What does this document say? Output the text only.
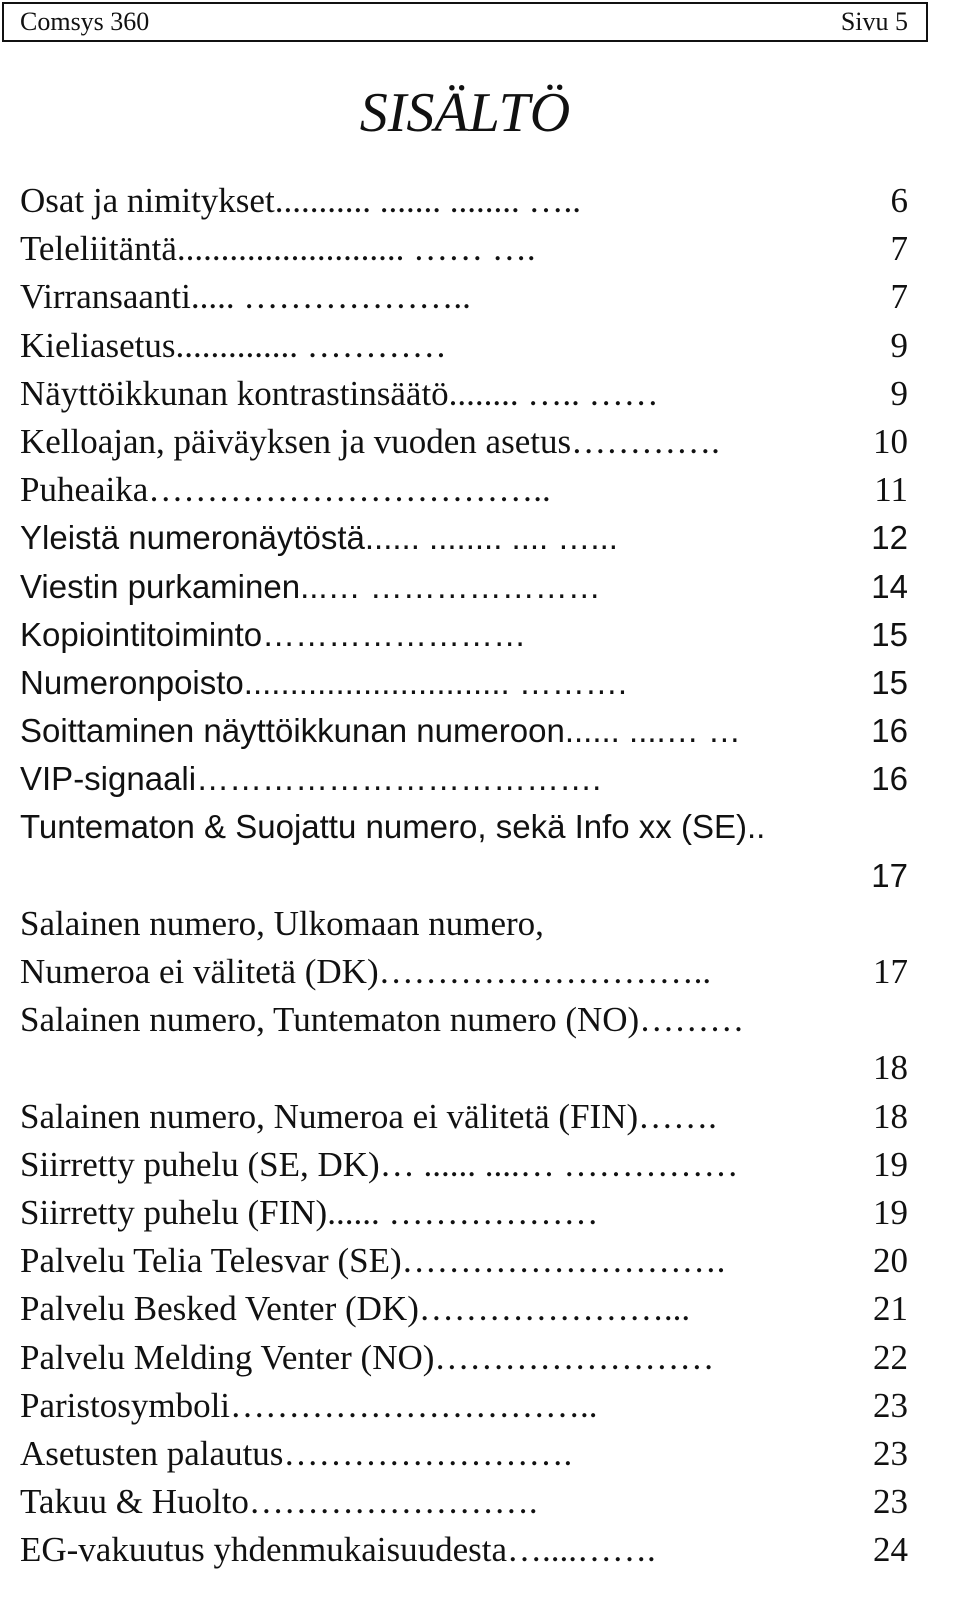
Comsys 360	Sivu 5
SISÄLTÖ
Osat ja nimitykset ........... ....... ........ …..	6
Teleliitäntä .......................... …… ….	7
Virransaanti ..... ………………..	7
Kieliasetus .............. …………	9
Näyttöikkunan kontrastinsäätö ........ ….. ……	9
Kelloajan, päiväyksen ja vuoden asetus ………….	10
Puheaika ……………………………..	11
Yleistä numeronäytöstä ...... ........ .... …...	12
Viestin purkaminen ...… …………………	14
Kopiointitoiminto ……………………	15
Numeronpoisto ............................. ……….	15
Soittaminen näyttöikkunan numeroon ...... ....… …	16
VIP-signaali ……………………………….	16
Tuntematon & Suojattu numero, sekä Info xx (SE)..
17
Salainen numero, Ulkomaan numero,
Numeroa ei välitetä (DK) ………………………..	17
Salainen numero, Tuntematon numero (NO) ………
18
Salainen numero, Numeroa ei välitetä (FIN) …….	18
Siirretty puhelu (SE, DK) … ...... ....… ……………	19
Siirretty puhelu (FIN) ...... ………………	19
Palvelu Telia Telesvar (SE) ……………………….	20
Palvelu Besked Venter (DK) …………………...	21
Palvelu Melding Venter (NO) ……………………	22
Paristosymboli …………………………..	23
Asetusten palautus …………………….	23
Takuu & Huolto …………………….	23
EG-vakuutus yhdenmukaisuudesta …....…….	24
